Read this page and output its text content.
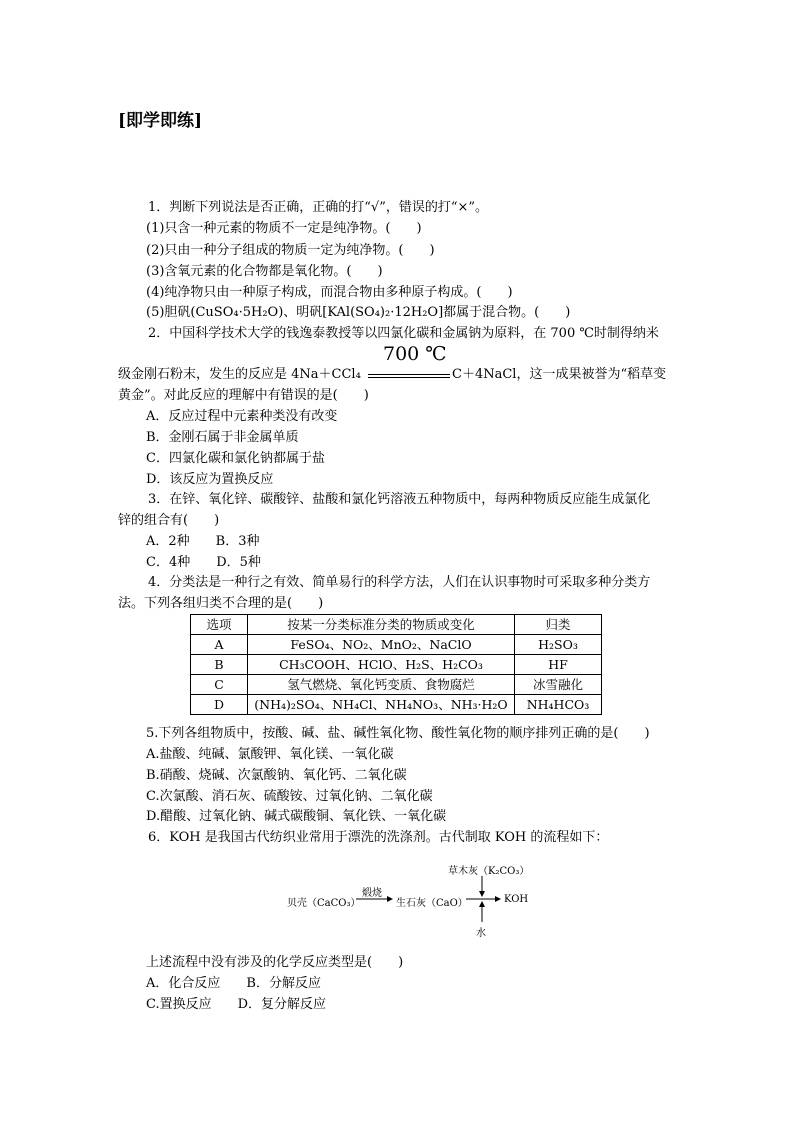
[即学即练]
1．判断下列说法是否正确，正确的打“√”，错误的打“×”。
(1)只含一种元素的物质不一定是纯净物。(　　)
(2)只由一种分子组成的物质一定为纯净物。(　　)
(3)含氧元素的化合物都是氧化物。(　　)
(4)纯净物只由一种原子构成，而混合物由多种原子构成。(　　)
(5)胆矾(CuSO₄·5H₂O)、明矾[KAl(SO₄)₂·12H₂O]都属于混合物。(　　)
2．中国科学技术大学的钱逸泰教授等以四氯化碳和金属钠为原料，在 700 ℃时制得纳米
700 ℃
级金刚石粉末，发生的反应是 4Na＋CCl₄	C＋4NaCl，这一成果被誉为“稻草变
黄金”。对此反应的理解中有错误的是(　　)
A．反应过程中元素种类没有改变
B．金刚石属于非金属单质
C．四氯化碳和氯化钠都属于盐
D．该反应为置换反应
3．在锌、氧化锌、碳酸锌、盐酸和氯化钙溶液五种物质中，每两种物质反应能生成氯化
锌的组合有(　　)
A．2种　　B．3种
C．4种　　D．5种
4．分类法是一种行之有效、简单易行的科学方法，人们在认识事物时可采取多种分类方
法。下列各组归类不合理的是(　　)
选项	按某一分类标准分类的物质或变化	归类
A	FeSO₄、NO₂、MnO₂、NaClO	H₂SO₃
B	CH₃COOH、HClO、H₂S、H₂CO₃	HF
C	氢气燃烧、氧化钙变质、食物腐烂	冰雪融化
D	(NH₄)₂SO₄、NH₄Cl、NH₄NO₃、NH₃·H₂O	NH₄HCO₃
5.下列各组物质中，按酸、碱、盐、碱性氧化物、酸性氧化物的顺序排列正确的是(　　)
A.盐酸、纯碱、氯酸钾、氧化镁、一氧化碳
B.硝酸、烧碱、次氯酸钠、氧化钙、二氧化碳
C.次氯酸、消石灰、硫酸铵、过氧化钠、二氧化碳
D.醋酸、过氧化钠、碱式碳酸铜、氧化铁、一氧化碳
6．KOH 是我国古代纺织业常用于漂洗的洗涤剂。古代制取 KOH 的流程如下：
草木灰（K₂CO₃）
贝壳（CaCO₃）
煅烧
生石灰（CaO）	KOH
水
上述流程中没有涉及的化学反应类型是(　　)
A．化合反应　　B．分解反应
C.置换反应　　D．复分解反应
